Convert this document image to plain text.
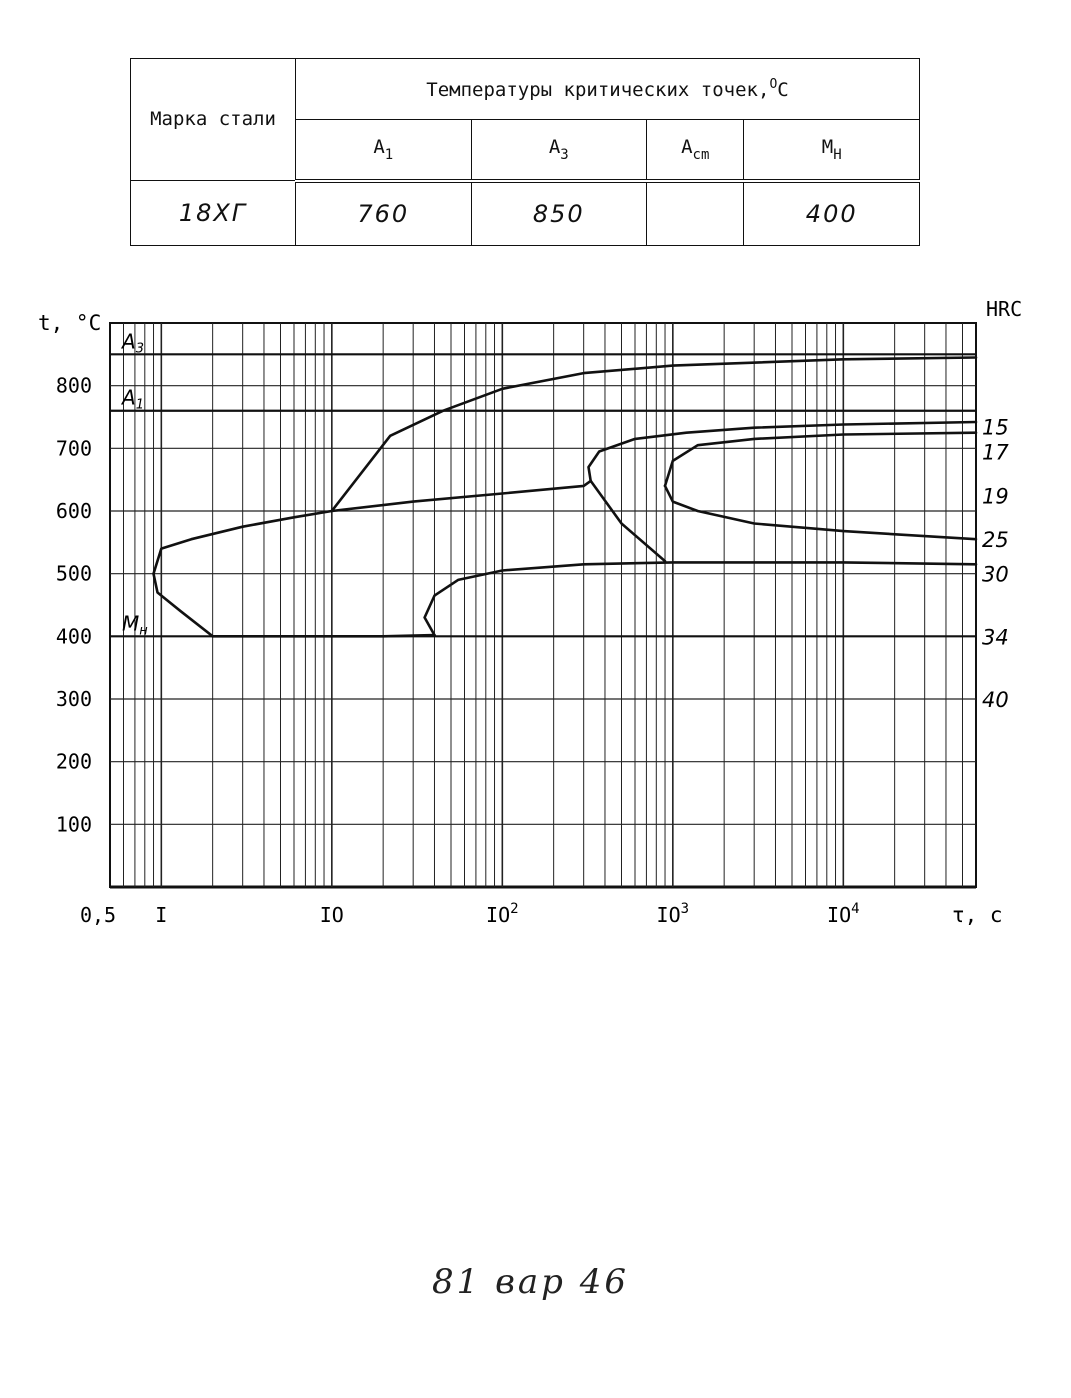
Марка стали	Температуры критических точек,$^O$C			
	$A_1$	$A_3$	$A_{cm}$	$M_H$
18ХГ	760	850		400
$A_3$
$A_1$
$M_н$
100
200
300
400
500
600
700
800
0,5 I	IO	$IO^2$	$IO^3$	$IO^4$
t, °C
τ, c
HRC
15
17
19
25
30
34
40
81 вар 46
